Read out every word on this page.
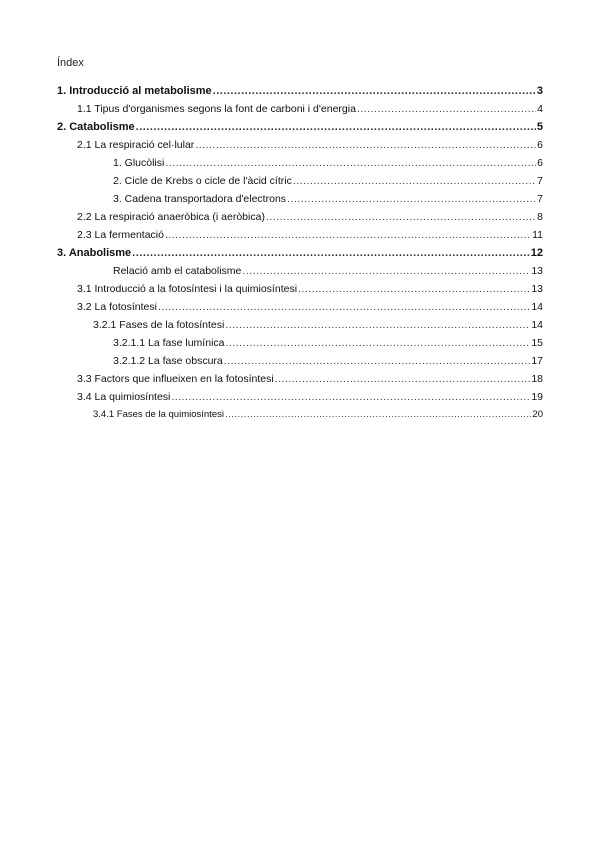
Índex
1. Introducció al metabolisme .....	3
1.1 Tipus d'organismes segons la font de carboni i d'energia .....	4
2. Catabolisme .....	5
2.1 La respiració cel·lular .....	6
1. Glucòlisi .....	6
2. Cicle de Krebs o cicle de l'àcid cítric .....	7
3. Cadena transportadora d'electrons .....	7
2.2 La respiració anaeròbica (i aeròbica) .....	8
2.3 La fermentació .....	11
3. Anabolisme .....	12
Relació amb el catabolisme .....	13
3.1 Introducció a la fotosíntesi i la quimiosíntesi .....	13
3.2 La fotosíntesi .....	14
3.2.1 Fases de la fotosíntesi .....	14
3.2.1.1 La fase lumínica .....	15
3.2.1.2 La fase obscura .....	17
3.3 Factors que influeixen en la fotosíntesi .....	18
3.4 La quimiosíntesi .....	19
3.4.1 Fases de la quimiosíntesi .....	20
